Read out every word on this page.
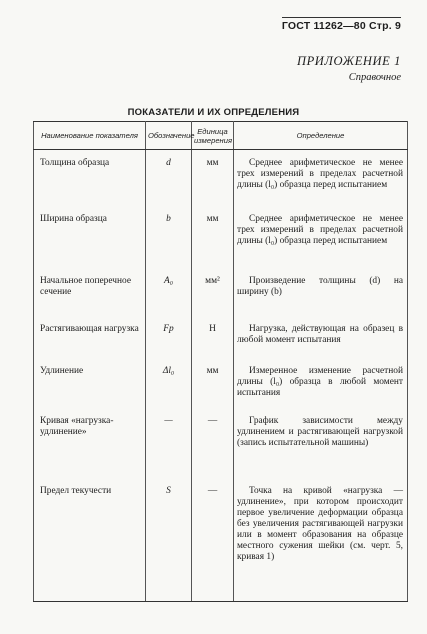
ГОСТ 11262—80 Стр. 9
ПРИЛОЖЕНИЕ 1
Справочное
ПОКАЗАТЕЛИ И ИХ ОПРЕДЕЛЕНИЯ
Наименование показателя	Обозначение	Единица измерения	Определение
Толщина образца	d	мм	Среднее арифметическое не менее трех измерений в пределах расчетной длины (l₀) образца перед испытанием
Ширина образца	b	мм	Среднее арифметическое не менее трех измерений в пределах расчетной длины (l₀) образца перед испытанием
Начальное поперечное сечение	A₀	мм²	Произведение толщины (d) на ширину (b)
Растягивающая нагрузка	Fp	Н	Нагрузка, действующая на образец в любой момент испытания
Удлинение	Δl₀	мм	Измеренное изменение расчетной длины (l₀) образца в любой момент испытания
Кривая «нагрузка-удлинение»	—	—	График зависимости между удлинением и растягивающей нагрузкой (запись испытательной машины)
Предел текучести	S	—	Точка на кривой «нагрузка — удлинение», при котором происходит первое увеличение деформации образца без увеличения растягивающей нагрузки или в момент образования на образце местного сужения шейки (см. черт. 5, кривая 1)
